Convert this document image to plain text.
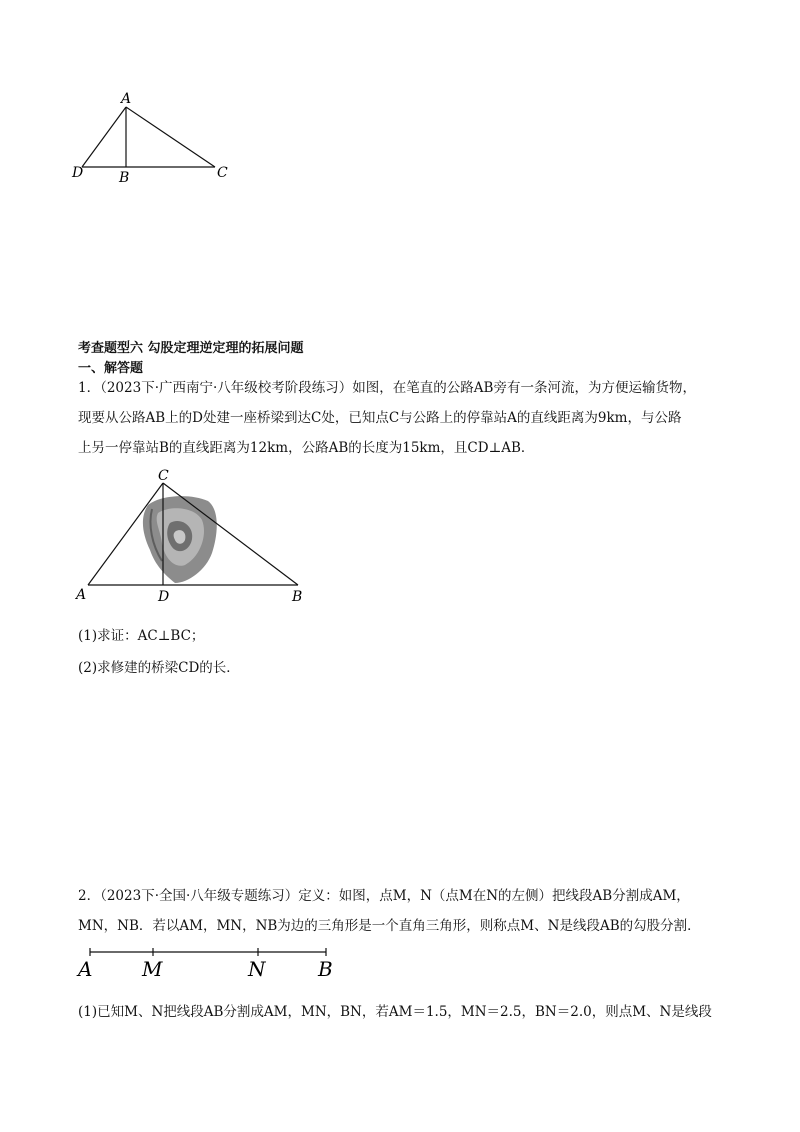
A
D	B	C
考查题型六 勾股定理逆定理的拓展问题
一、解答题
1．（2023下·广西南宁·八年级校考阶段练习）如图，在笔直的公路AB旁有一条河流，为方便运输货物，
现要从公路AB上的D处建一座桥梁到达C处，已知点C与公路上的停靠站A的直线距离为9km，与公路
上另一停靠站B的直线距离为12km，公路AB的长度为15km，且CD⊥AB．
C
A	D	B
(1)求证：AC⊥BC；
(2)求修建的桥梁CD的长．
2．（2023下·全国·八年级专题练习）定义：如图，点M，N（点M在N的左侧）把线段AB分割成AM，
MN，NB．若以AM，MN，NB为边的三角形是一个直角三角形，则称点M、N是线段AB的勾股分割．
A M	N	B
(1)已知M、N把线段AB分割成AM，MN，BN，若AM＝1.5，MN＝2.5，BN＝2.0，则点M、N是线段
